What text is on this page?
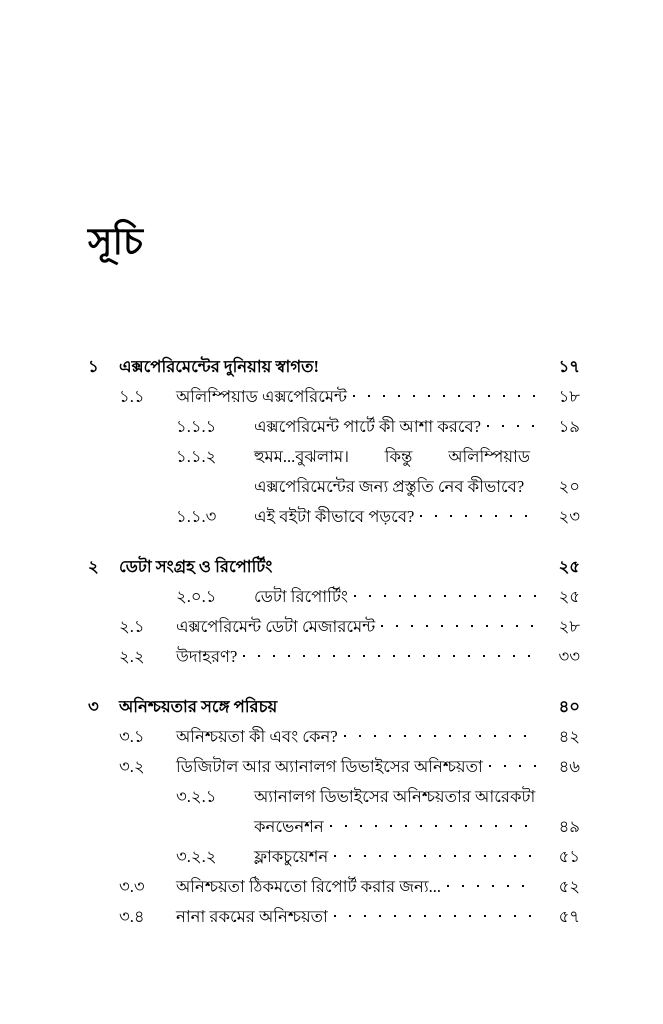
সূচি
১	এক্সপেরিমেন্টের দুনিয়ায় স্বাগত!	১৭
১.১	অলিম্পিয়াড এক্সপেরিমেন্ট	১৮
১.১.১	এক্সপেরিমেন্ট পার্টে কী আশা করবে?	১৯
১.১.২	হুমম...বুঝলাম। কিন্তু অলিম্পিয়াড
এক্সপেরিমেন্টের জন্য প্রস্তুতি নেব কীভাবে?	২০
১.১.৩	এই বইটা কীভাবে পড়বে?	২৩
২	ডেটা সংগ্রহ ও রিপোর্টিং	২৫
২.০.১	ডেটা রিপোর্টিং	২৫
২.১	এক্সপেরিমেন্ট ডেটা মেজারমেন্ট	২৮
২.২	উদাহরণ?	৩৩
৩	অনিশ্চয়তার সঙ্গে পরিচয়	৪০
৩.১	অনিশ্চয়তা কী এবং কেন?	৪২
৩.২	ডিজিটাল আর অ্যানালগ ডিভাইসের অনিশ্চয়তা	৪৬
৩.২.১	অ্যানালগ ডিভাইসের অনিশ্চয়তার আরেকটা
কনভেনশন	৪৯
৩.২.২	ফ্লাকচুয়েশন	৫১
৩.৩	অনিশ্চয়তা ঠিকমতো রিপোর্ট করার জন্য...	৫২
৩.৪	নানা রকমের অনিশ্চয়তা	৫৭
